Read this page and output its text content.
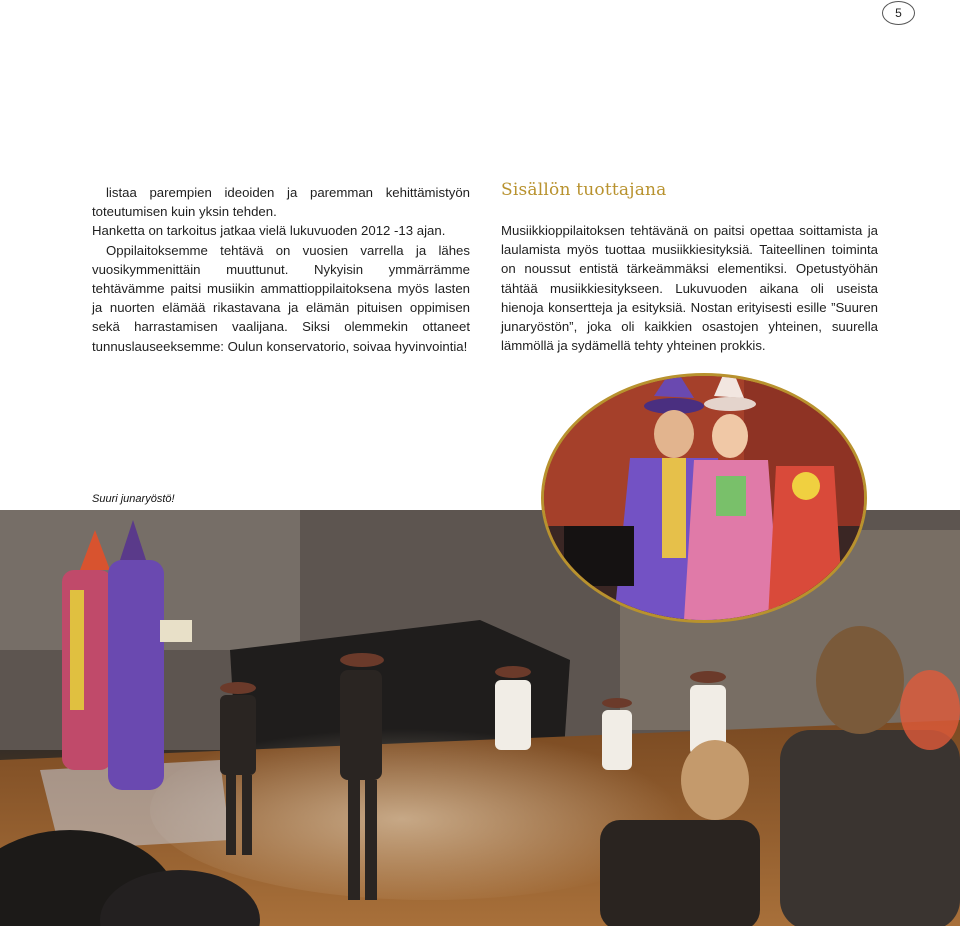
5

listaa parempien ideoiden ja paremman kehittämistyön toteutumisen kuin yksin tehden.

Hanketta on tarkoitus jatkaa vielä lukuvuoden 2012 -13 ajan.

Oppilaitoksemme tehtävä on vuosien varrella ja lähes vuosikymmenittäin muuttunut. Nykyisin ymmärrämme tehtävämme paitsi musiikin ammattioppilaitoksena myös lasten ja nuorten elämää rikastavana ja elämän pituisen oppimisen sekä harrastamisen vaalijana. Siksi olemmekin ottaneet tunnuslauseeksemme: Oulun konservatorio, soivaa hyvinvointia!

Sisällön tuottajana

Musiikkioppilaitoksen tehtävänä on paitsi opettaa soittamista ja laulamista myös tuottaa musiikkiesityksiä. Taiteellinen toiminta on noussut entistä tärkeämmäksi elementiksi. Opetustyöhän tähtää musiikkiesitykseen. Lukuvuoden aikana oli useista hienoja konsertteja ja esityksiä. Nostan erityisesti esille ”Suuren junaryöstön”, joka oli kaikkien osastojen yhteinen, suurella lämmöllä ja sydämellä tehty yhteinen prokkis.

Suuri junaryöstö!
